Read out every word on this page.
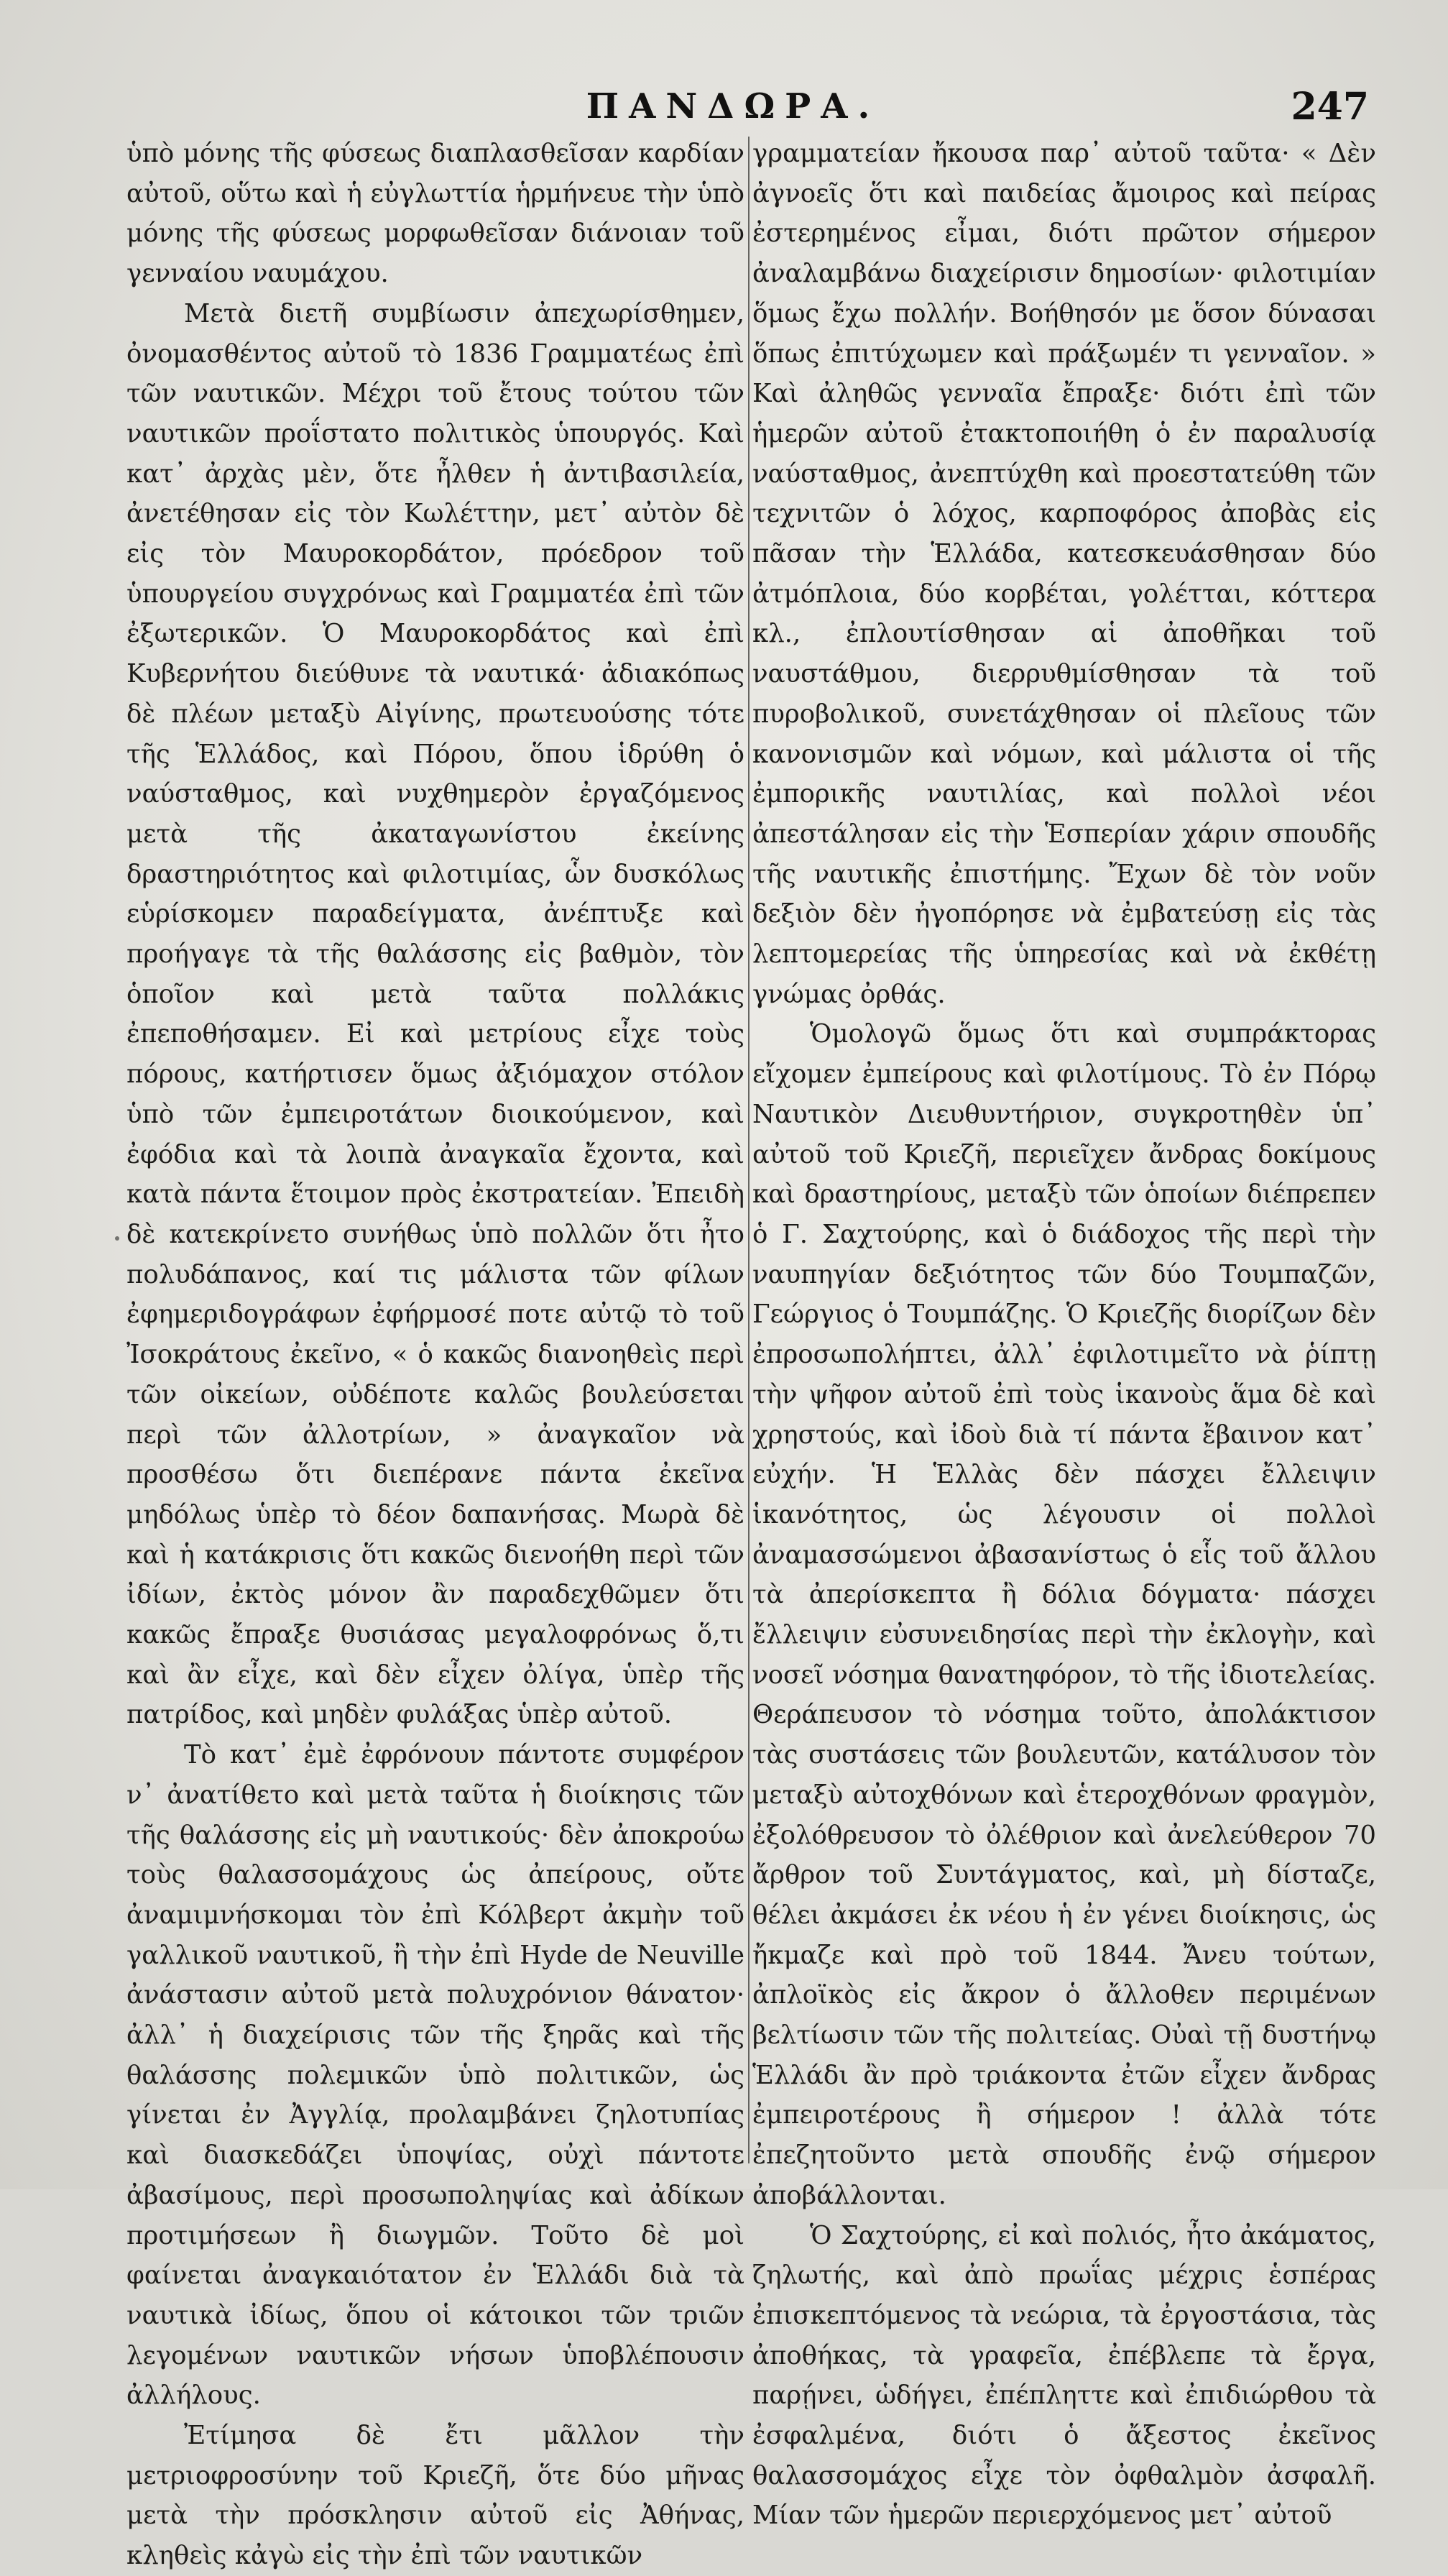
ΠΑΝΔΩΡΑ.	247

ὑπὸ μόνης τῆς φύσεως διαπλασθεῖσαν καρδίαν αὐτοῦ, οὕτω καὶ ἡ εὐγλωττία ἡρμήνευε τὴν ὑπὸ μόνης τῆς φύσεως μορφωθεῖσαν διάνοιαν τοῦ γενναίου ναυμάχου.

Μετὰ διετῆ συμβίωσιν ἀπεχωρίσθημεν, ὀνομασθέντος αὐτοῦ τὸ 1836 Γραμματέως ἐπὶ τῶν ναυτικῶν. Μέχρι τοῦ ἔτους τούτου τῶν ναυτικῶν προΐστατο πολιτικὸς ὑπουργός. Καὶ κατ᾽ ἀρχὰς μὲν, ὅτε ἦλθεν ἡ ἀντιβασιλεία, ἀνετέθησαν εἰς τὸν Κωλέττην, μετ᾽ αὐτὸν δὲ εἰς τὸν Μαυροκορδάτον, πρόεδρον τοῦ ὑπουργείου συγχρόνως καὶ Γραμματέα ἐπὶ τῶν ἐξωτερικῶν. Ὁ Μαυροκορδάτος καὶ ἐπὶ Κυβερνήτου διεύθυνε τὰ ναυτικά· ἀδιακόπως δὲ πλέων μεταξὺ Αἰγίνης, πρωτευούσης τότε τῆς Ἑλλάδος, καὶ Πόρου, ὅπου ἱδρύθη ὁ ναύσταθμος, καὶ νυχθημερὸν ἐργαζόμενος μετὰ τῆς ἀκαταγωνίστου ἐκείνης δραστηριότητος καὶ φιλοτιμίας, ὧν δυσκόλως εὑρίσκομεν παραδείγματα, ἀνέπτυξε καὶ προήγαγε τὰ τῆς θαλάσσης εἰς βαθμὸν, τὸν ὁποῖον καὶ μετὰ ταῦτα πολλάκις ἐπεποθήσαμεν. Εἰ καὶ μετρίους εἶχε τοὺς πόρους, κατήρτισεν ὅμως ἀξιόμαχον στόλον ὑπὸ τῶν ἐμπειροτάτων διοικούμενον, καὶ ἐφόδια καὶ τὰ λοιπὰ ἀναγκαῖα ἔχοντα, καὶ κατὰ πάντα ἕτοιμον πρὸς ἐκστρατείαν. Ἐπειδὴ δὲ κατεκρίνετο συνήθως ὑπὸ πολλῶν ὅτι ἦτο πολυδάπανος, καί τις μάλιστα τῶν φίλων ἐφημεριδογράφων ἐφήρμοσέ ποτε αὐτῷ τὸ τοῦ Ἰσοκράτους ἐκεῖνο, « ὁ κακῶς διανοηθεὶς περὶ τῶν οἰκείων, οὐδέποτε καλῶς βουλεύσεται περὶ τῶν ἀλλοτρίων, » ἀναγκαῖον νὰ προσθέσω ὅτι διεπέρανε πάντα ἐκεῖνα μηδόλως ὑπὲρ τὸ δέον δαπανήσας. Μωρὰ δὲ καὶ ἡ κατάκρισις ὅτι κακῶς διενοήθη περὶ τῶν ἰδίων, ἐκτὸς μόνον ἂν παραδεχθῶμεν ὅτι κακῶς ἔπραξε θυσιάσας μεγαλοφρόνως ὅ,τι καὶ ἂν εἶχε, καὶ δὲν εἶχεν ὀλίγα, ὑπὲρ τῆς πατρίδος, καὶ μηδὲν φυλάξας ὑπὲρ αὐτοῦ.

Τὸ κατ᾽ ἐμὲ ἐφρόνουν πάντοτε συμφέρον ν᾽ ἀνατίθετο καὶ μετὰ ταῦτα ἡ διοίκησις τῶν τῆς θαλάσσης εἰς μὴ ναυτικούς· δὲν ἀποκρούω τοὺς θαλασσομάχους ὡς ἀπείρους, οὔτε ἀναμιμνήσκομαι τὸν ἐπὶ Κόλβερτ ἀκμὴν τοῦ γαλλικοῦ ναυτικοῦ, ἢ τὴν ἐπὶ Hyde de Neuville ἀνάστασιν αὐτοῦ μετὰ πολυχρόνιον θάνατον· ἀλλ᾽ ἡ διαχείρισις τῶν τῆς ξηρᾶς καὶ τῆς θαλάσσης πολεμικῶν ὑπὸ πολιτικῶν, ὡς γίνεται ἐν Ἀγγλίᾳ, προλαμβάνει ζηλοτυπίας καὶ διασκεδάζει ὑποψίας, οὐχὶ πάντοτε ἀβασίμους, περὶ προσωποληψίας καὶ ἀδίκων προτιμήσεων ἢ διωγμῶν. Τοῦτο δὲ μοὶ φαίνεται ἀναγκαιότατον ἐν Ἑλλάδι διὰ τὰ ναυτικὰ ἰδίως, ὅπου οἱ κάτοικοι τῶν τριῶν λεγομένων ναυτικῶν νήσων ὑποβλέπουσιν ἀλλήλους.

Ἐτίμησα δὲ ἔτι μᾶλλον τὴν μετριοφροσύνην τοῦ Κριεζῆ, ὅτε δύο μῆνας μετὰ τὴν πρόσκλησιν αὐτοῦ εἰς Ἀθήνας, κληθεὶς κἀγὼ εἰς τὴν ἐπὶ τῶν ναυτικῶν

γραμματείαν ἤκουσα παρ᾽ αὐτοῦ ταῦτα· « Δὲν ἀγνοεῖς ὅτι καὶ παιδείας ἄμοιρος καὶ πείρας ἐστερημένος εἶμαι, διότι πρῶτον σήμερον ἀναλαμβάνω διαχείρισιν δημοσίων· φιλοτιμίαν ὅμως ἔχω πολλήν. Βοήθησόν με ὅσον δύνασαι ὅπως ἐπιτύχωμεν καὶ πράξωμέν τι γενναῖον. » Καὶ ἀληθῶς γενναῖα ἔπραξε· διότι ἐπὶ τῶν ἡμερῶν αὐτοῦ ἐτακτοποιήθη ὁ ἐν παραλυσίᾳ ναύσταθμος, ἀνεπτύχθη καὶ προεστατεύθη τῶν τεχνιτῶν ὁ λόχος, καρποφόρος ἀποβὰς εἰς πᾶσαν τὴν Ἑλλάδα, κατεσκευάσθησαν δύο ἀτμόπλοια, δύο κορβέται, γολέτται, κόττερα κλ., ἐπλουτίσθησαν αἱ ἀποθῆκαι τοῦ ναυστάθμου, διερρυθμίσθησαν τὰ τοῦ πυροβολικοῦ, συνετάχθησαν οἱ πλεῖους τῶν κανονισμῶν καὶ νόμων, καὶ μάλιστα οἱ τῆς ἐμπορικῆς ναυτιλίας, καὶ πολλοὶ νέοι ἀπεστάλησαν εἰς τὴν Ἑσπερίαν χάριν σπουδῆς τῆς ναυτικῆς ἐπιστήμης. Ἔχων δὲ τὸν νοῦν δεξιὸν δὲν ἠγοπόρησε νὰ ἐμβατεύσῃ εἰς τὰς λεπτομερείας τῆς ὑπηρεσίας καὶ νὰ ἐκθέτῃ γνώμας ὀρθάς.

Ὁμολογῶ ὅμως ὅτι καὶ συμπράκτορας εἴχομεν ἐμπείρους καὶ φιλοτίμους. Τὸ ἐν Πόρῳ Ναυτικὸν Διευθυντήριον, συγκροτηθὲν ὑπ᾽ αὐτοῦ τοῦ Κριεζῆ, περιεῖχεν ἄνδρας δοκίμους καὶ δραστηρίους, μεταξὺ τῶν ὁποίων διέπρεπεν ὁ Γ. Σαχτούρης, καὶ ὁ διάδοχος τῆς περὶ τὴν ναυπηγίαν δεξιότητος τῶν δύο Τουμπαζῶν, Γεώργιος ὁ Τουμπάζης. Ὁ Κριεζῆς διορίζων δὲν ἐπροσωπολήπτει, ἀλλ᾽ ἐφιλοτιμεῖτο νὰ ῥίπτῃ τὴν ψῆφον αὐτοῦ ἐπὶ τοὺς ἱκανοὺς ἅμα δὲ καὶ χρηστούς, καὶ ἰδοὺ διὰ τί πάντα ἔβαινον κατ᾽ εὐχήν. Ἡ Ἑλλὰς δὲν πάσχει ἔλλειψιν ἱκανότητος, ὡς λέγουσιν οἱ πολλοὶ ἀναμασσώμενοι ἀβασανίστως ὁ εἷς τοῦ ἄλλου τὰ ἀπερίσκεπτα ἢ δόλια δόγματα· πάσχει ἔλλειψιν εὐσυνειδησίας περὶ τὴν ἐκλογὴν, καὶ νοσεῖ νόσημα θανατηφόρον, τὸ τῆς ἰδιοτελείας. Θεράπευσον τὸ νόσημα τοῦτο, ἀπολάκτισον τὰς συστάσεις τῶν βουλευτῶν, κατάλυσον τὸν μεταξὺ αὐτοχθόνων καὶ ἑτεροχθόνων φραγμὸν, ἐξολόθρευσον τὸ ὀλέθριον καὶ ἀνελεύθερον 70 ἄρθρον τοῦ Συντάγματος, καὶ, μὴ δίσταζε, θέλει ἀκμάσει ἐκ νέου ἡ ἐν γένει διοίκησις, ὡς ἤκμαζε καὶ πρὸ τοῦ 1844. Ἄνευ τούτων, ἀπλοϊκὸς εἰς ἄκρον ὁ ἄλλοθεν περιμένων βελτίωσιν τῶν τῆς πολιτείας. Οὐαὶ τῇ δυστήνῳ Ἑλλάδι ἂν πρὸ τριάκοντα ἐτῶν εἶχεν ἄνδρας ἐμπειροτέρους ἢ σήμερον ! ἀλλὰ τότε ἐπεζητοῦντο μετὰ σπουδῆς ἐνῷ σήμερον ἀποβάλλονται.

Ὁ Σαχτούρης, εἰ καὶ πολιός, ἦτο ἀκάματος, ζηλωτής, καὶ ἀπὸ πρωΐας μέχρις ἑσπέρας ἐπισκεπτόμενος τὰ νεώρια, τὰ ἐργοστάσια, τὰς ἀποθήκας, τὰ γραφεῖα, ἐπέβλεπε τὰ ἔργα, παρῄνει, ὡδήγει, ἐπέπληττε καὶ ἐπιδιώρθου τὰ ἐσφαλμένα, διότι ὁ ἄξεστος ἐκεῖνος θαλασσομάχος εἶχε τὸν ὀφθαλμὸν ἀσφαλῆ. Μίαν τῶν ἡμερῶν περιερχόμενος μετ᾽ αὐτοῦ
